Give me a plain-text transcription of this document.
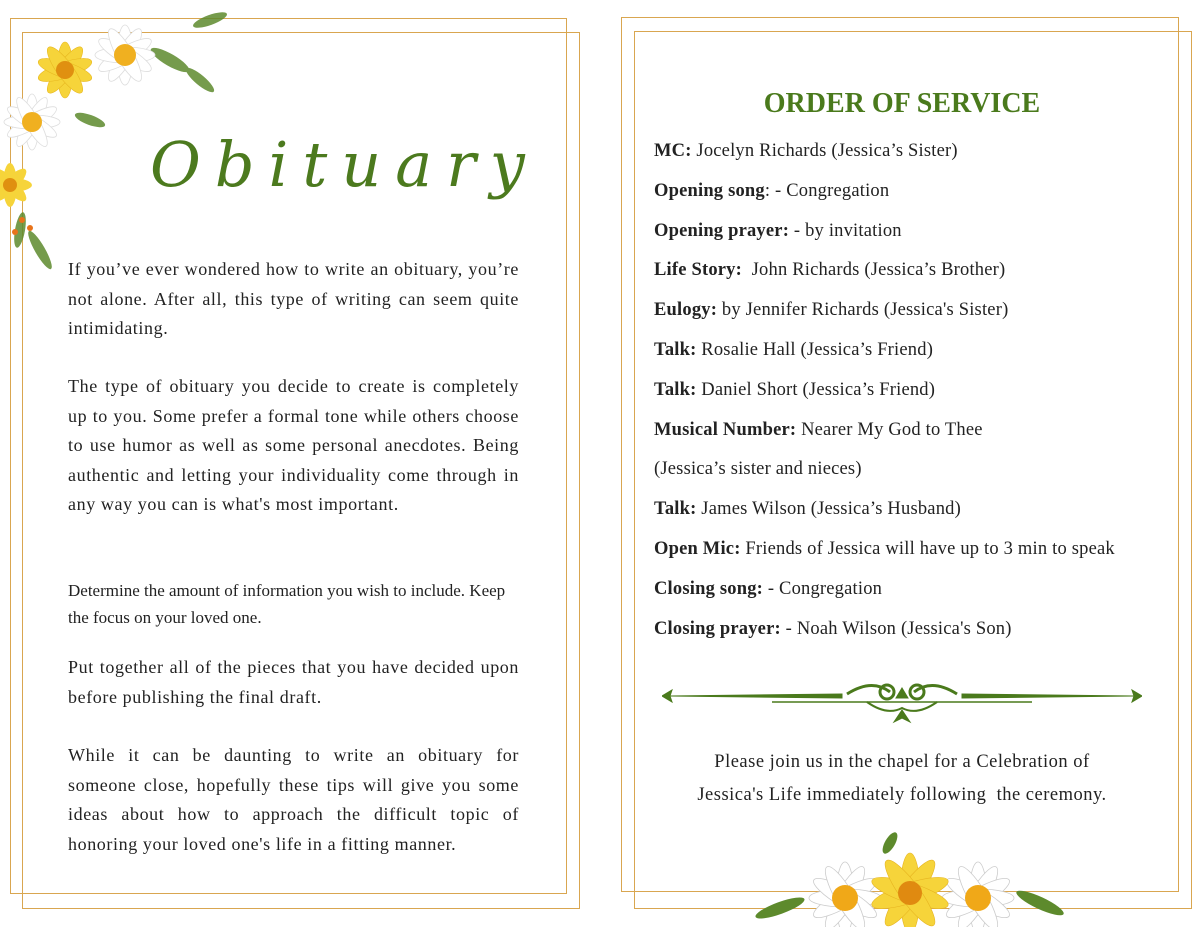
Obituary

If you’ve ever wondered how to write an obituary, you’re not alone. After all, this type of writing can seem quite intimidating.

The type of obituary you decide to create is completely up to you. Some prefer a formal tone while others choose to use humor as well as some personal anecdotes. Being authentic and letting your individuality come through in any way you can is what's most important.

Determine the amount of information you wish to include. Keep the focus on your loved one.

Put together all of the pieces that you have decided upon before publishing the final draft.

While it can be daunting to write an obituary for someone close, hopefully these tips will give you some ideas about how to approach the difficult topic of honoring your loved one's life in a fitting manner.

ORDER OF SERVICE
MC: Jocelyn Richards (Jessica’s Sister)
Opening song: - Congregation
Opening prayer: - by invitation
Life Story:  John Richards (Jessica’s Brother)
Eulogy: by Jennifer Richards (Jessica's Sister)
Talk: Rosalie Hall (Jessica’s Friend)
Talk: Daniel Short (Jessica’s Friend)
Musical Number: Nearer My God to Thee
(Jessica’s sister and nieces)
Talk: James Wilson (Jessica’s Husband)
Open Mic: Friends of Jessica will have up to 3 min to speak
Closing song: - Congregation
Closing prayer: - Noah Wilson (Jessica's Son)
Please join us in the chapel for a Celebration of
Jessica's Life immediately following  the ceremony.
